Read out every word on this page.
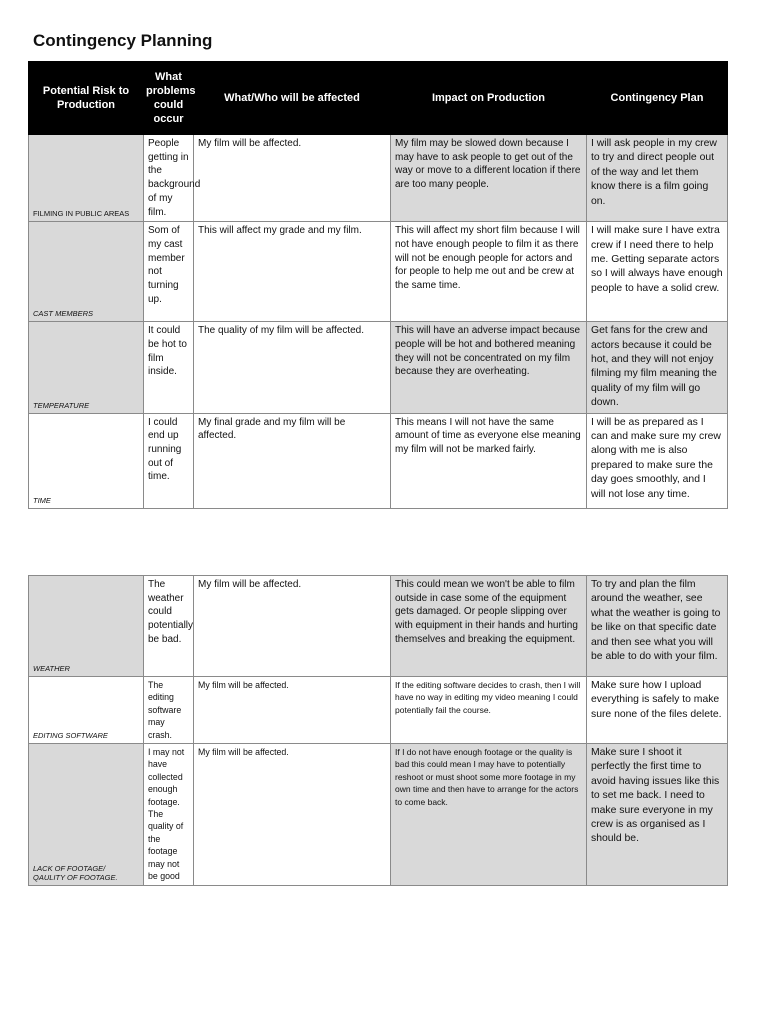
Contingency Planning
Potential Risk to Production	What problems could occur	What/Who will be affected	Impact on Production	Contingency Plan
FILMING IN PUBLIC AREAS	People getting in the background of my film.	My film will be affected.	My film may be slowed down because I may have to ask people to get out of the way or move to a different location if there are too many people.	I will ask people in my crew to try and direct people out of the way and let them know there is a film going on.
CAST MEMBERS	Som of my cast member not turning up.	This will affect my grade and my film.	This will affect my short film because I will not have enough people to film it as there will not be enough people for actors and for people to help me out and be crew at the same time.	I will make sure I have extra crew if I need there to help me. Getting separate actors so I will always have enough people to have a solid crew.
TEMPERATURE	It could be hot to film inside.	The quality of my film will be affected.	This will have an adverse impact because people will be hot and bothered meaning they will not be concentrated on my film because they are overheating.	Get fans for the crew and actors because it could be hot, and they will not enjoy filming my film meaning the quality of my film will go down.
TIME	I could end up running out of time.	My final grade and my film will be affected.	This means I will not have the same amount of time as everyone else meaning my film will not be marked fairly.	I will be as prepared as I can and make sure my crew along with me is also prepared to make sure the day goes smoothly, and I will not lose any time.
WEATHER	The weather could potentially be bad.	My film will be affected.	This could mean we won't be able to film outside in case some of the equipment gets damaged. Or people slipping over with equipment in their hands and hurting themselves and breaking the equipment.	To try and plan the film around the weather, see what the weather is going to be like on that specific date and then see what you will be able to do with your film.
EDITING SOFTWARE	The editing software may crash.	My film will be affected.	If the editing software decides to crash, then I will have no way in editing my video meaning I could potentially fail the course.	Make sure how I upload everything is safely to make sure none of the files delete.
LACK OF FOOTAGE/ QAULITY OF FOOTAGE.	I may not have collected enough footage. The quality of the footage may not be good	My film will be affected.	If I do not have enough footage or the quality is bad this could mean I may have to potentially reshoot or must shoot some more footage in my own time and then have to arrange for the actors to come back.	Make sure I shoot it perfectly the first time to avoid having issues like this to set me back. I need to make sure everyone in my crew is as organised as I should be.
